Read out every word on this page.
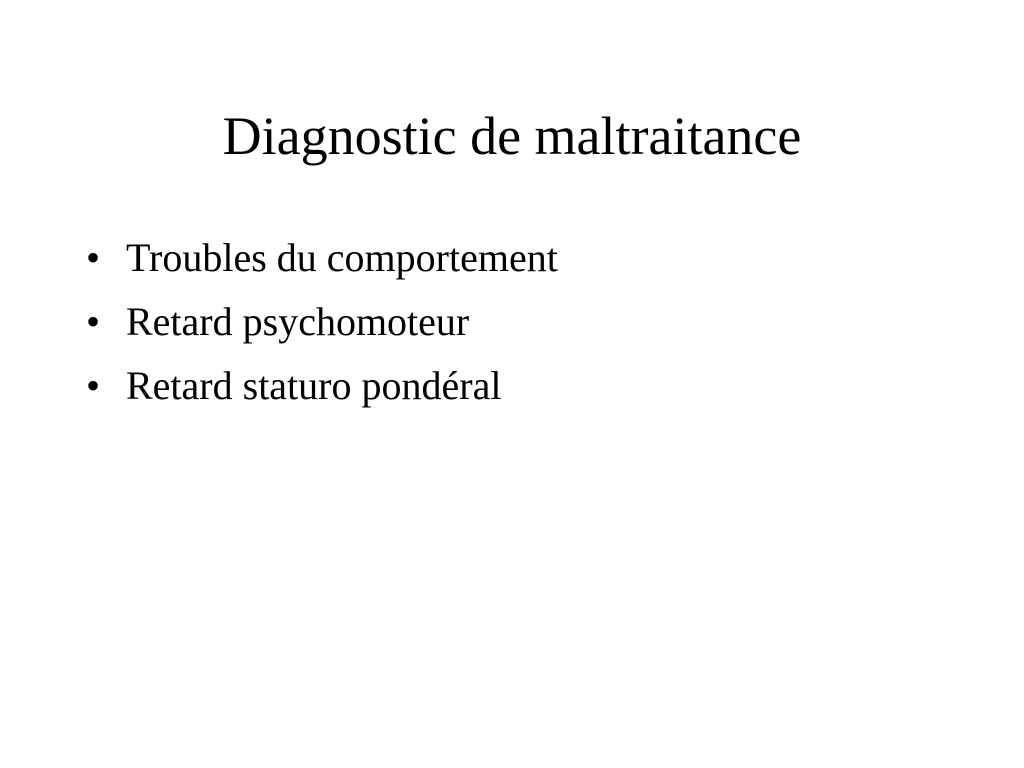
Diagnostic de maltraitance
• Troubles du comportement
• Retard psychomoteur
• Retard staturo pondéral
